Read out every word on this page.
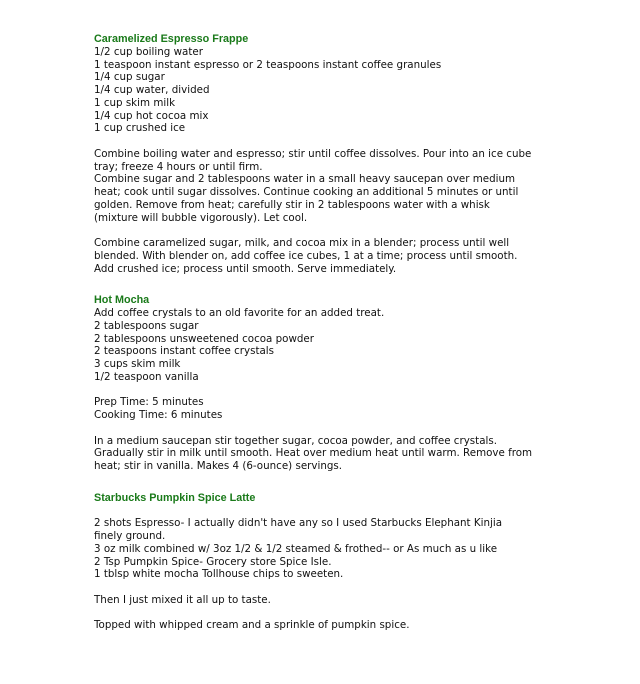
Caramelized Espresso Frappe
1/2 cup boiling water
1 teaspoon instant espresso or 2 teaspoons instant coffee granules
1/4 cup sugar
1/4 cup water, divided
1 cup skim milk
1/4 cup hot cocoa mix
1 cup crushed ice
Combine boiling water and espresso; stir until coffee dissolves. Pour into an ice cube
tray; freeze 4 hours or until firm.
Combine sugar and 2 tablespoons water in a small heavy saucepan over medium
heat; cook until sugar dissolves. Continue cooking an additional 5 minutes or until
golden. Remove from heat; carefully stir in 2 tablespoons water with a whisk
(mixture will bubble vigorously). Let cool.
Combine caramelized sugar, milk, and cocoa mix in a blender; process until well
blended. With blender on, add coffee ice cubes, 1 at a time; process until smooth.
Add crushed ice; process until smooth. Serve immediately.
Hot Mocha
Add coffee crystals to an old favorite for an added treat.
2 tablespoons sugar
2 tablespoons unsweetened cocoa powder
2 teaspoons instant coffee crystals
3 cups skim milk
1/2 teaspoon vanilla
Prep Time: 5 minutes
Cooking Time: 6 minutes
In a medium saucepan stir together sugar, cocoa powder, and coffee crystals.
Gradually stir in milk until smooth. Heat over medium heat until warm. Remove from
heat; stir in vanilla. Makes 4 (6-ounce) servings.
Starbucks Pumpkin Spice Latte
2 shots Espresso- I actually didn't have any so I used Starbucks Elephant Kinjia
finely ground.
3 oz milk combined w/ 3oz 1/2 & 1/2 steamed & frothed-- or As much as u like
2 Tsp Pumpkin Spice- Grocery store Spice Isle.
1 tblsp white mocha Tollhouse chips to sweeten.
Then I just mixed it all up to taste.
Topped with whipped cream and a sprinkle of pumpkin spice.
